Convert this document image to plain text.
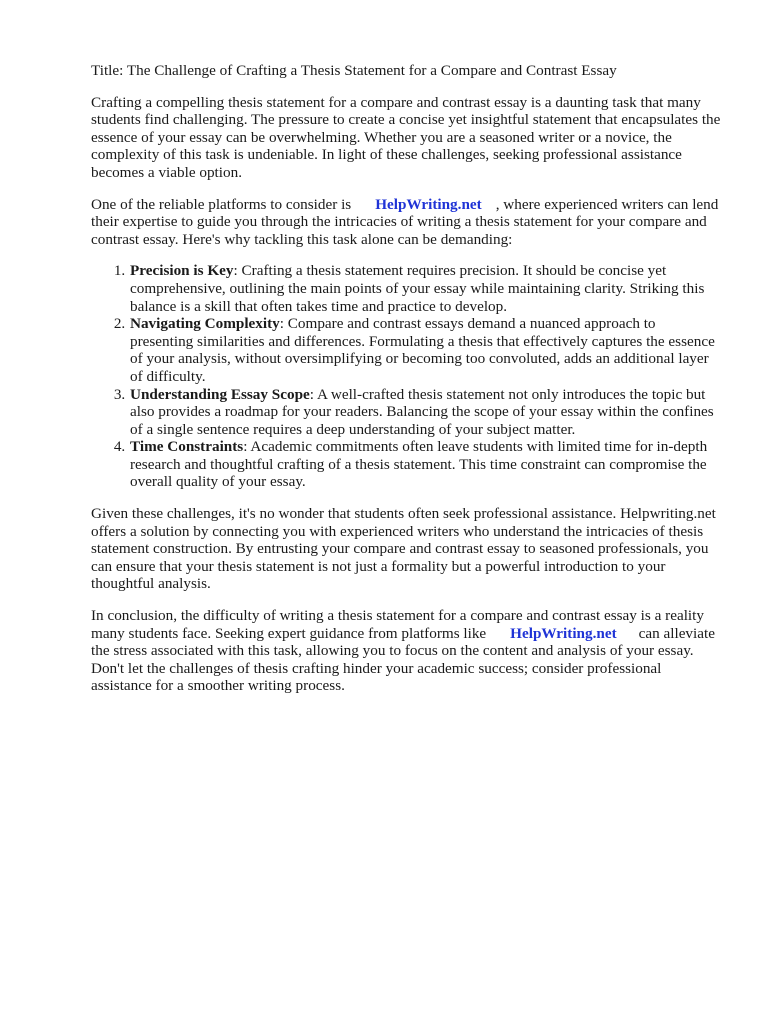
Title: The Challenge of Crafting a Thesis Statement for a Compare and Contrast Essay

Crafting a compelling thesis statement for a compare and contrast essay is a daunting task that many students find challenging. The pressure to create a concise yet insightful statement that encapsulates the essence of your essay can be overwhelming. Whether you are a seasoned writer or a novice, the complexity of this task is undeniable. In light of these challenges, seeking professional assistance becomes a viable option.

One of the reliable platforms to consider is HelpWriting.net , where experienced writers can lend their expertise to guide you through the intricacies of writing a thesis statement for your compare and contrast essay. Here's why tackling this task alone can be demanding:

1. Precision is Key: Crafting a thesis statement requires precision. It should be concise yet comprehensive, outlining the main points of your essay while maintaining clarity. Striking this balance is a skill that often takes time and practice to develop.
2. Navigating Complexity: Compare and contrast essays demand a nuanced approach to presenting similarities and differences. Formulating a thesis that effectively captures the essence of your analysis, without oversimplifying or becoming too convoluted, adds an additional layer of difficulty.
3. Understanding Essay Scope: A well-crafted thesis statement not only introduces the topic but also provides a roadmap for your readers. Balancing the scope of your essay within the confines of a single sentence requires a deep understanding of your subject matter.
4. Time Constraints: Academic commitments often leave students with limited time for in-depth research and thoughtful crafting of a thesis statement. This time constraint can compromise the overall quality of your essay.

Given these challenges, it's no wonder that students often seek professional assistance. Helpwriting.net offers a solution by connecting you with experienced writers who understand the intricacies of thesis statement construction. By entrusting your compare and contrast essay to seasoned professionals, you can ensure that your thesis statement is not just a formality but a powerful introduction to your thoughtful analysis.

In conclusion, the difficulty of writing a thesis statement for a compare and contrast essay is a reality many students face. Seeking expert guidance from platforms like HelpWriting.net can alleviate the stress associated with this task, allowing you to focus on the content and analysis of your essay. Don't let the challenges of thesis crafting hinder your academic success; consider professional assistance for a smoother writing process.
